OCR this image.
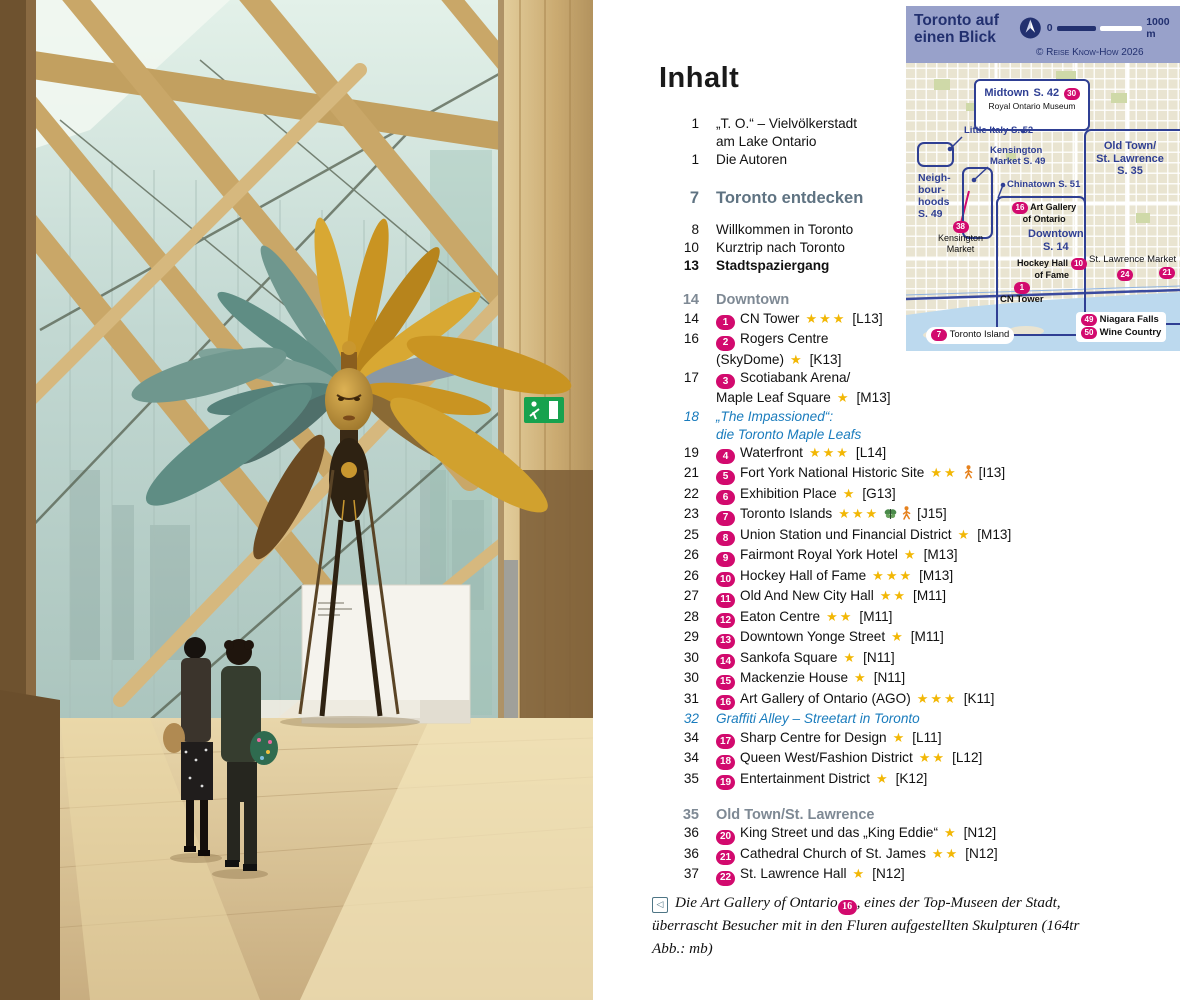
Inhalt
1	„T. O.“ – Vielvölkerstadt
am Lake Ontario
1	Die Autoren
7	Toronto entdecken
8	Willkommen in Toronto
10	Kurztrip nach Toronto
13	Stadtspaziergang
14	Downtown
14	1 CN Tower ★★★ [L13]
16	2 Rogers Centre
(SkyDome) ★ [K13]
17	3 Scotiabank Arena/
Maple Leaf Square ★ [M13]
18	„The Impassioned“:
die Toronto Maple Leafs
19	4 Waterfront ★★★ [L14]
21	5 Fort York National Historic Site ★★ [I13]
22	6 Exhibition Place ★ [G13]
23	7 Toronto Islands ★★★	[J15]
25	8 Union Station und Financial District ★ [M13]
26	9 Fairmont Royal York Hotel ★ [M13]
26	10 Hockey Hall of Fame ★★★ [M13]
27	11 Old And New City Hall ★★ [M11]
28	12 Eaton Centre ★★ [M11]
29	13 Downtown Yonge Street ★ [M11]
30	14 Sankofa Square ★ [N11]
30	15 Mackenzie House ★ [N11]
31	16 Art Gallery of Ontario (AGO) ★★★ [K11]
32	Graffiti Alley – Streetart in Toronto
34	17 Sharp Centre for Design ★ [L11]
34	18 Queen West/Fashion District ★★ [L12]
35	19 Entertainment District ★ [K12]
35	Old Town/St. Lawrence
36	20 King Street und das „King Eddie“ ★ [N12]
36	21 Cathedral Church of St. James ★★ [N12]
37	22 St. Lawrence Hall ★ [N12]
Toronto auf
einen Blick
0	1000 m
© Reise Know-How 2026
Midtown S. 42 30
Royal Ontario Museum
Neigh-
bour-
hoods
S. 49
Little Italy S. 52
Kensington
Market S. 49
Chinatown S. 51
16 Art Gallery
of Ontario
Downtown
S. 14
Hockey Hall 10
of Fame
1
CN Tower
Old Town/
St. Lawrence
S. 35
38
Kensington
Market
St. Lawrence Market
24	21
7 Toronto Island
49 Niagara Falls
50 Wine Country
◁ Die Art Gallery of Ontario 16 , eines der Top-Museen der Stadt, überrascht Besucher mit in den Fluren aufgestellten Skulpturen (164tr Abb.: mb)
